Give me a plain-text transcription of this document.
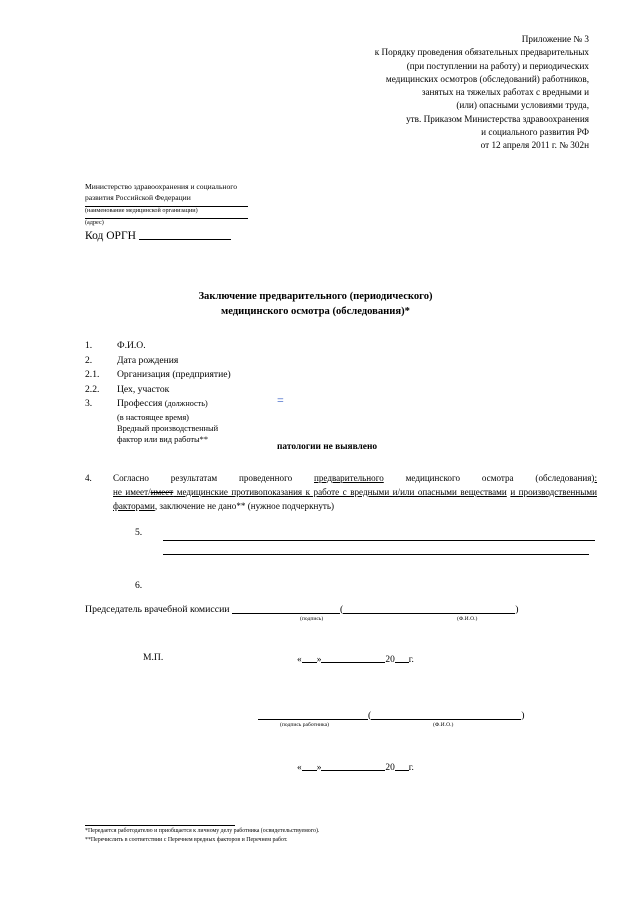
Приложение № 3
к Порядку проведения обязательных предварительных
(при поступлении на работу) и периодических
медицинских осмотров (обследований) работников,
занятых на тяжелых работах с вредными и
(или) опасными условиями труда,
утв. Приказом Министерства здравоохранения
и социального развития РФ
от 12 апреля 2011 г. № 302н
Министерство здравоохранения и социального
развития Российской Федерации
(наименование медицинской организации)
(адрес)
Код ОРГН
Заключение предварительного (периодического)
медицинского осмотра (обследования)*
1.	Ф.И.О.
2.	Дата рождения
2.1.	Организация (предприятие)
2.2.	Цех, участок
3.	Профессия (должность)
(в настоящее время)
Вредный производственный
фактор или вид работы**
=
патологии не выявлено
4. Согласно результатам проведенного предварительного медицинского осмотра (обследования):
не имеет/имеет медицинские противопоказания к работе с вредными и/или опасными веществами и производственными факторами, заключение не дано** (нужное подчеркнуть)
5.
6.
Председатель врачебной комиссии	(	)
(подпись)	(Ф.И.О.)
М.П.	« »	20 г.
(	)
(подпись работника)	(Ф.И.О.)
« »	20 г.
*Передается работодателю и приобщается к личному делу работника (освидетельствуемого).
**Перечислить в соответствии с Перечнем вредных факторов и Перечнем работ.
